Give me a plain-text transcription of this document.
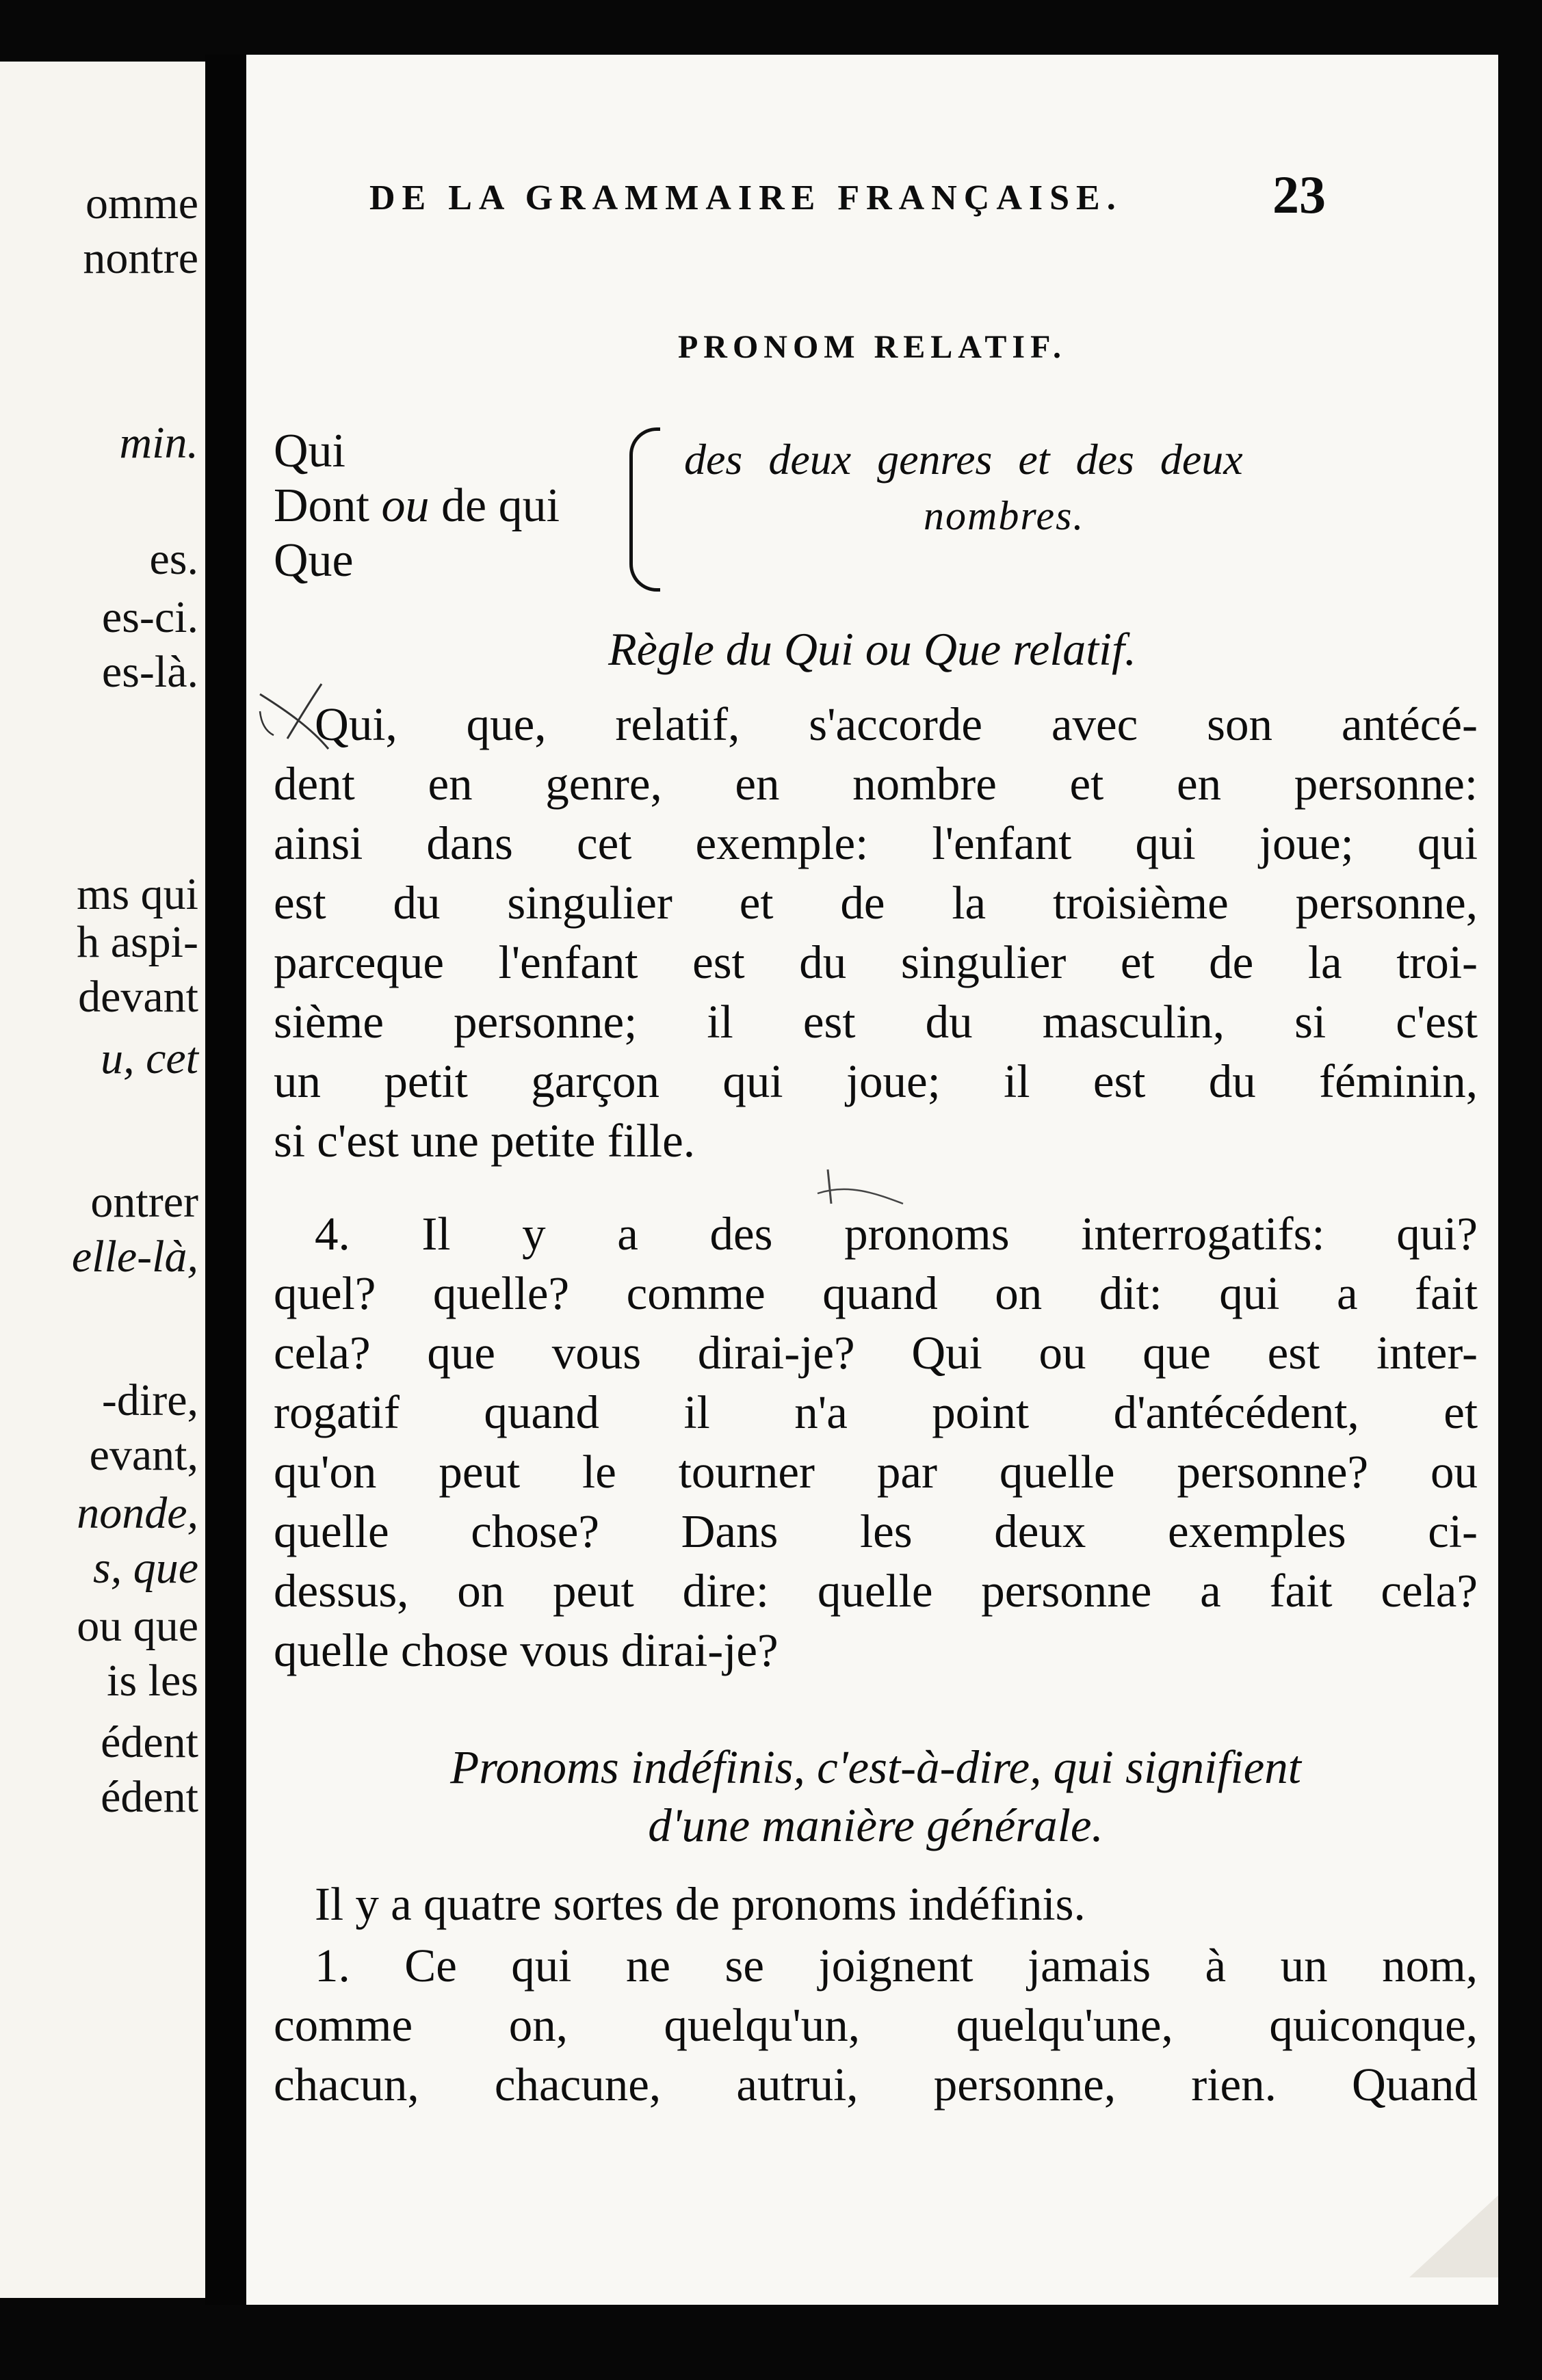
omme
nontre
min.
es.
es-ci.
es-là.
ms qui
h aspi-
devant
u, cet
ontrer
elle-là,
-dire,
evant,
nonde,
s, que
ou que
is les
édent
édent
DE LA GRAMMAIRE FRANÇAISE.	23
PRONOM RELATIF.
Qui
Dont ou de qui
Que
des deux genres et des deux
nombres.
Règle du Qui ou Que relatif.
Qui, que, relatif, s'accorde avec son antécé-
dent en genre, en nombre et en personne:
ainsi dans cet exemple: l'enfant qui joue; qui
est du singulier et de la troisième personne,
parceque l'enfant est du singulier et de la troi-
sième personne; il est du masculin, si c'est
un petit garçon qui joue; il est du féminin,
si c'est une petite fille.
4. Il y a des pronoms interrogatifs: qui?
quel? quelle? comme quand on dit: qui a fait
cela? que vous dirai-je? Qui ou que est inter-
rogatif quand il n'a point d'antécédent, et
qu'on peut le tourner par quelle personne? ou
quelle chose? Dans les deux exemples ci-
dessus, on peut dire: quelle personne a fait cela?
quelle chose vous dirai-je?
Pronoms indéfinis, c'est-à-dire, qui signifient
d'une manière générale.
Il y a quatre sortes de pronoms indéfinis.
1. Ce qui ne se joignent jamais à un nom,
comme on, quelqu'un, quelqu'une, quiconque,
chacun, chacune, autrui, personne, rien. Quand
